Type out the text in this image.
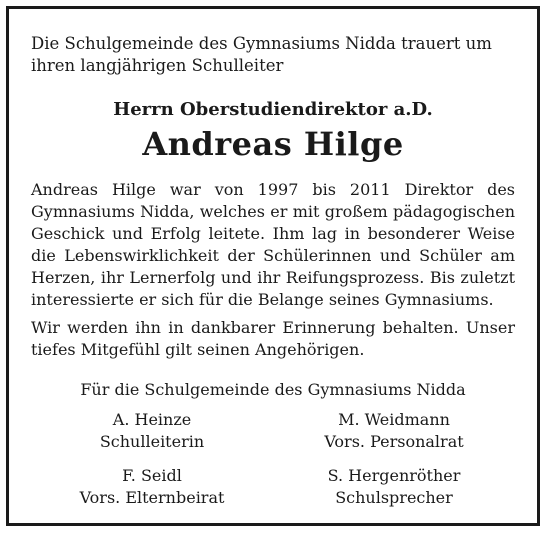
Die Schulgemeinde des Gymnasiums Nidda trauert um ihren langjährigen Schulleiter

Herrn Oberstudiendirektor a.D.

Andreas Hilge

Andreas Hilge war von 1997 bis 2011 Direktor des Gymnasiums Nidda, welches er mit großem pädagogischen Geschick und Erfolg leitete. Ihm lag in besonderer Weise die Lebenswirklichkeit der Schülerinnen und Schüler am Herzen, ihr Lernerfolg und ihr Reifungsprozess. Bis zuletzt interessierte er sich für die Belange seines Gymnasiums.

Wir werden ihn in dankbarer Erinnerung behalten. Unser tiefes Mitgefühl gilt seinen Angehörigen.

Für die Schulgemeinde des Gymnasiums Nidda

A. Heinze
Schulleiterin
M. Weidmann
Vors. Personalrat
F. Seidl
Vors. Elternbeirat
S. Hergenröther
Schulsprecher
